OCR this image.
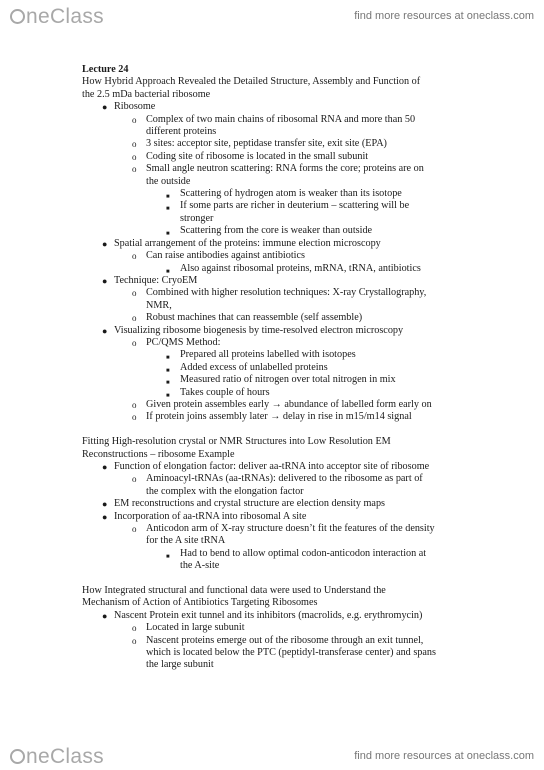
neClass	find more resources at oneclass.com
Lecture 24
How Hybrid Approach Revealed the Detailed Structure, Assembly and Function of
the 2.5 mDa bacterial ribosome
● Ribosome
o Complex of two main chains of ribosomal RNA and more than 50
different proteins
o 3 sites: acceptor site, peptidase transfer site, exit site (EPA)
o Coding site of ribosome is located in the small subunit
o Small angle neutron scattering: RNA forms the core; proteins are on
the outside
■ Scattering of hydrogen atom is weaker than its isotope
■ If some parts are richer in deuterium – scattering will be
stronger
■ Scattering from the core is weaker than outside
● Spatial arrangement of the proteins: immune election microscopy
o Can raise antibodies against antibiotics
■ Also against ribosomal proteins, mRNA, tRNA, antibiotics
● Technique: CryoEM
o Combined with higher resolution techniques: X-ray Crystallography,
NMR,
o Robust machines that can reassemble (self assemble)
● Visualizing ribosome biogenesis by time-resolved electron microscopy
o PC/QMS Method:
■ Prepared all proteins labelled with isotopes
■ Added excess of unlabelled proteins
■ Measured ratio of nitrogen over total nitrogen in mix
■ Takes couple of hours
o Given protein assembles early → abundance of labelled form early on
o If protein joins assembly later → delay in rise in m15/m14 signal
Fitting High-resolution crystal or NMR Structures into Low Resolution EM
Reconstructions – ribosome Example
● Function of elongation factor: deliver aa-tRNA into acceptor site of ribosome
o Aminoacyl-tRNAs (aa-tRNAs): delivered to the ribosome as part of
the complex with the elongation factor
● EM reconstructions and crystal structure are election density maps
● Incorporation of aa-tRNA into ribosomal A site
o Anticodon arm of X-ray structure doesn’t fit the features of the density
for the A site tRNA
■ Had to bend to allow optimal codon-anticodon interaction at
the A-site
How Integrated structural and functional data were used to Understand the
Mechanism of Action of Antibiotics Targeting Ribosomes
● Nascent Protein exit tunnel and its inhibitors (macrolids, e.g. erythromycin)
o Located in large subunit
o Nascent proteins emerge out of the ribosome through an exit tunnel,
which is located below the PTC (peptidyl-transferase center) and spans
the large subunit
neClass	find more resources at oneclass.com
